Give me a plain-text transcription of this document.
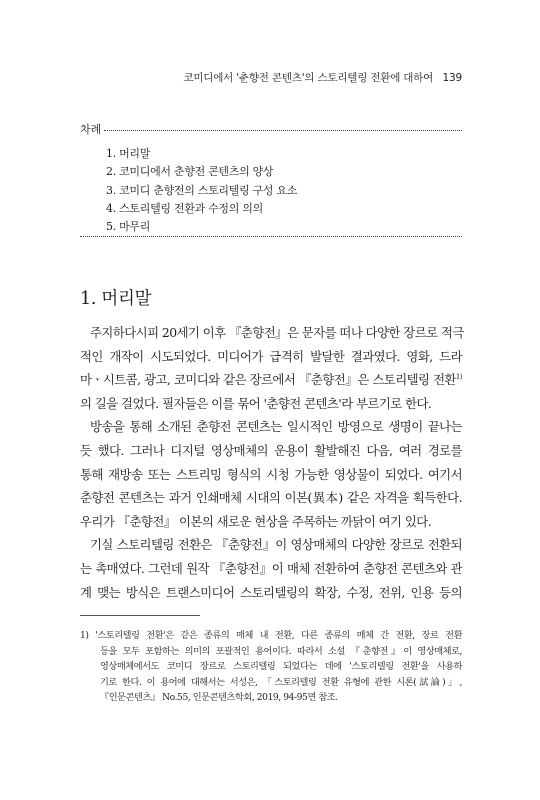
코미디에서 '춘향전 콘텐츠'의 스토리텔링 전환에 대하여 139
차례
1. 머리말
2. 코미디에서 춘향전 콘텐츠의 양상
3. 코미디 춘향전의 스토리텔링 구성 요소
4. 스토리텔링 전환과 수정의 의의
5. 마무리
1. 머리말
주지하다시피 20세기 이후 『춘향전』은 문자를 떠나 다양한 장르로 적극
적인 개작이 시도되었다. 미디어가 급격히 발달한 결과였다. 영화, 드라
마ㆍ시트콤, 광고, 코미디와 같은 장르에서 『춘향전』은 스토리텔링 전환$^{1)}$
의 길을 걸었다. 필자들은 이를 묶어 '춘향전 콘텐츠'라 부르기로 한다.
방송을 통해 소개된 춘향전 콘텐츠는 일시적인 방영으로 생명이 끝나는
듯 했다. 그러나 디지털 영상매체의 운용이 활발해진 다음, 여러 경로를
통해 재방송 또는 스트리밍 형식의 시청 가능한 영상물이 되었다. 여기서
춘향전 콘텐츠는 과거 인쇄매체 시대의 이본(異本) 같은 자격을 획득한다.
우리가 『춘향전』 이본의 새로운 현상을 주목하는 까닭이 여기 있다.
기실 스토리텔링 전환은 『춘향전』이 영상매체의 다양한 장르로 전환되
는 촉매였다. 그런데 원작 『춘향전』이 매체 전환하여 춘향전 콘텐츠와 관
계 맺는 방식은 트랜스미디어 스토리텔링의 확장, 수정, 전위, 인용 등의
1) '스토리텔링 전환'은 같은 종류의 매체 내 전환, 다른 종류의 매체 간 전환, 장르 전환
등을 모두 포함하는 의미의 포괄적인 용어이다. 따라서 소설 『춘향전』이 영상매체로,
영상매체에서도 코미디 장르로 스토리텔링 되었다는 데에 '스토리텔링 전환'을 사용하
기로 한다. 이 용어에 대해서는 서성은, 「스토리텔링 전환 유형에 관한 시론(試論)」,
『인문콘텐츠』 No.55, 인문콘텐츠학회, 2019, 94-95면 참조.
